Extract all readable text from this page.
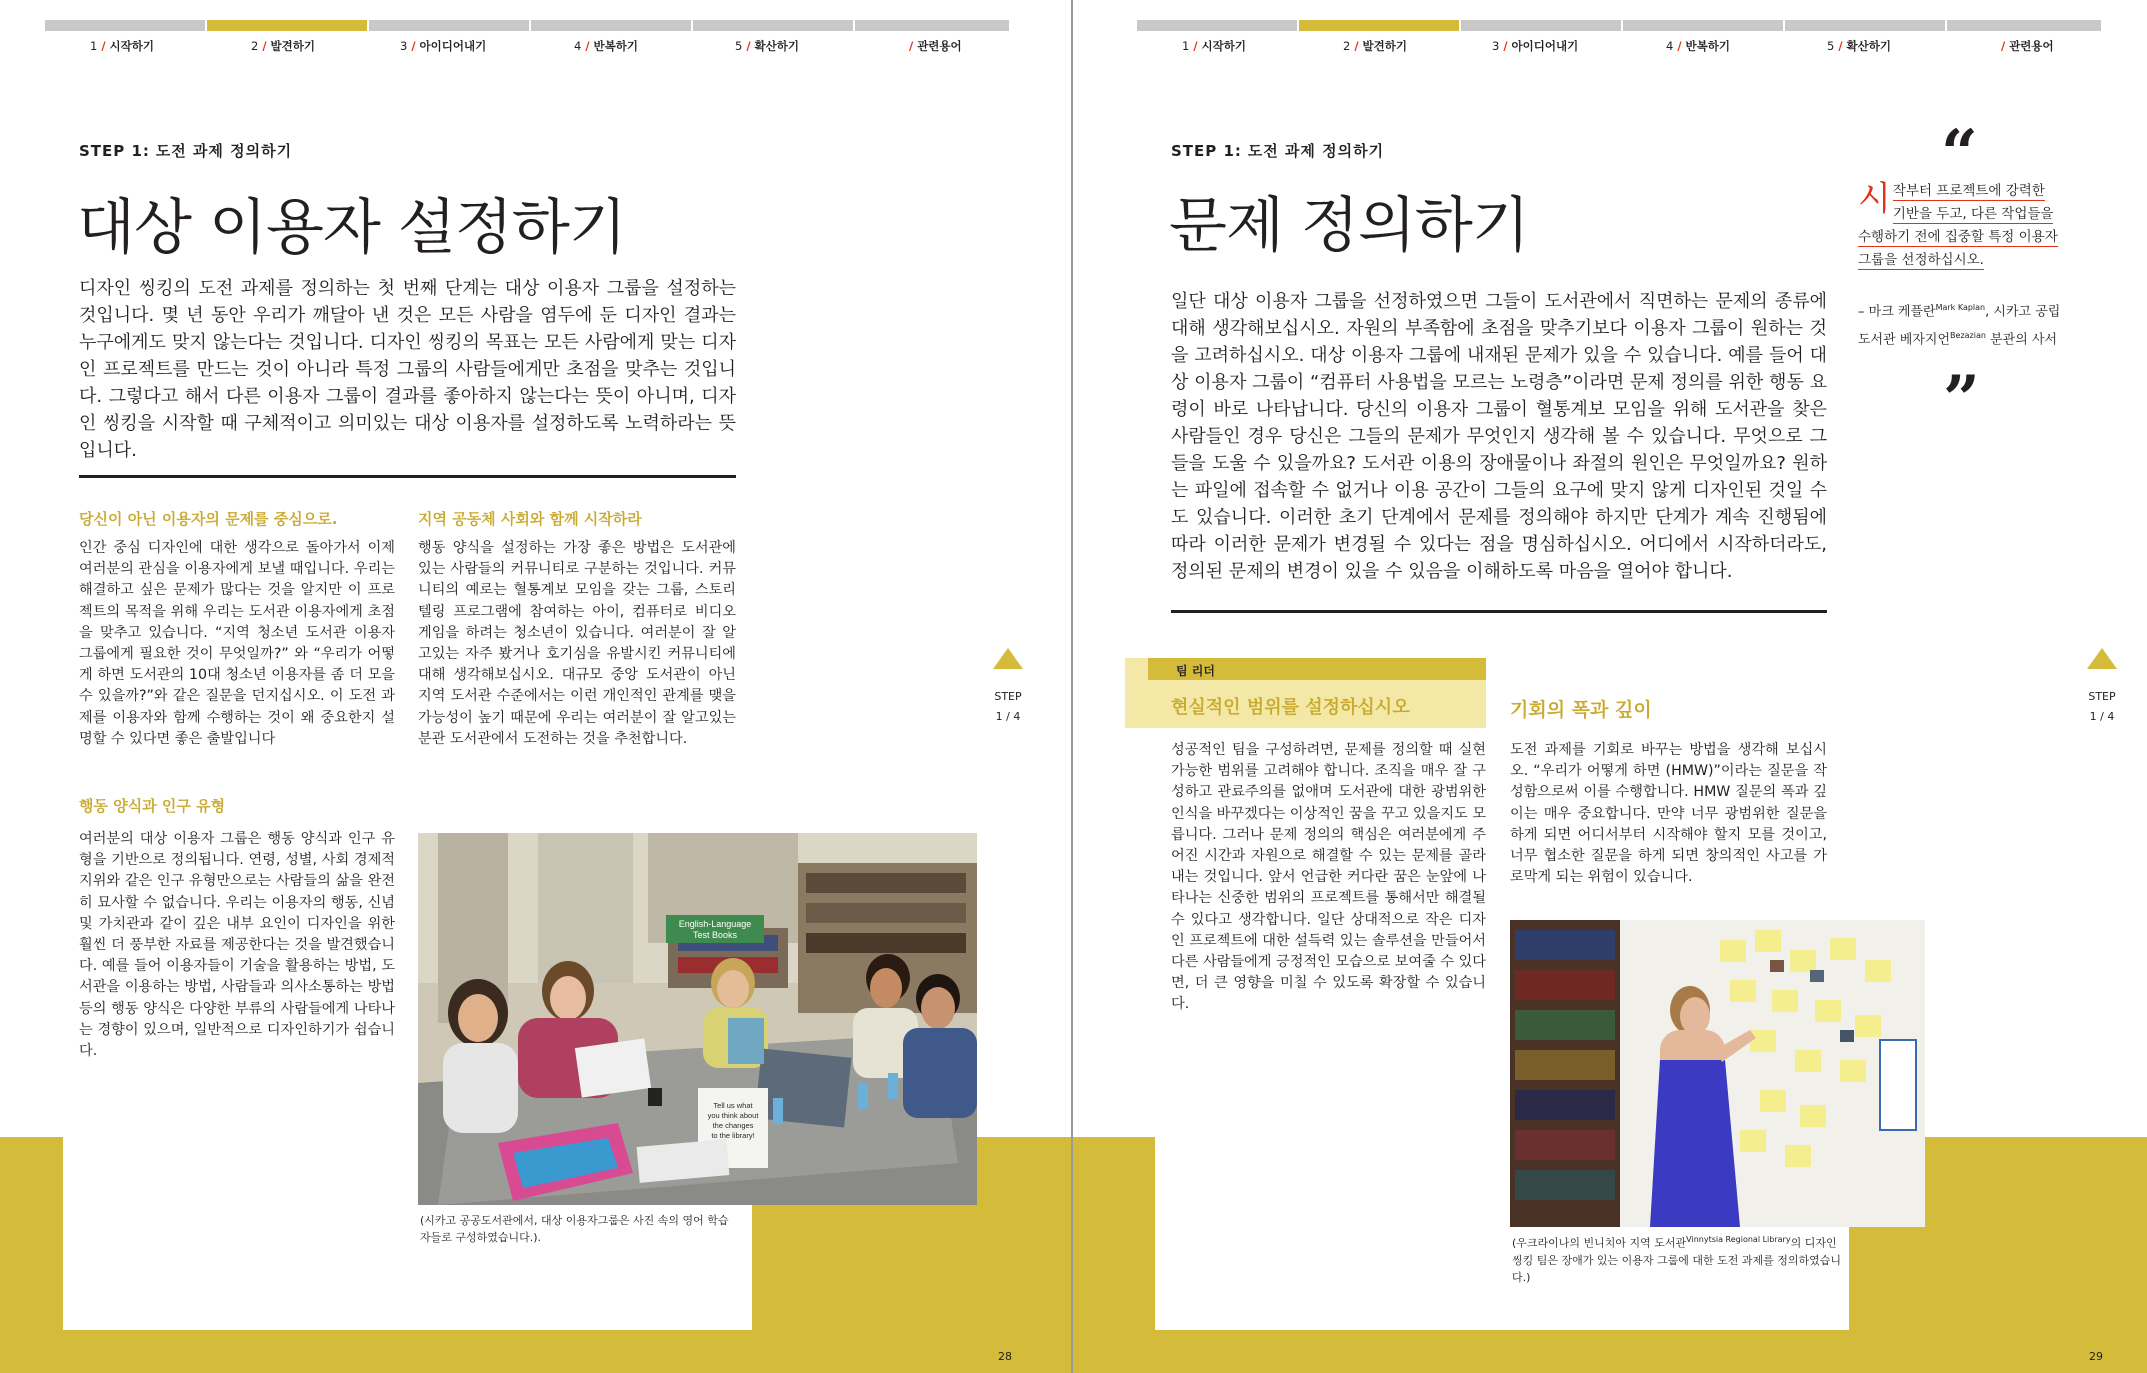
1 / 시작하기	2 / 발견하기	3 / 아이디어내기	4 / 반복하기	5 / 확산하기	/ 관련용어
STEP 1: 도전 과제 정의하기
대상 이용자 설정하기
디자인 씽킹의 도전 과제를 정의하는 첫 번째 단계는 대상 이용자 그룹을 설정하는 것입니다. 몇 년 동안 우리가 깨달아 낸 것은 모든 사람을 염두에 둔 디자인 결과는 누구에게도 맞지 않는다는 것입니다. 디자인 씽킹의 목표는 모든 사람에게 맞는 디자인 프로젝트를 만드는 것이 아니라 특정 그룹의 사람들에게만 초점을 맞추는 것입니다. 그렇다고 해서 다른 이용자 그룹이 결과를 좋아하지 않는다는 뜻이 아니며, 디자인 씽킹을 시작할 때 구체적이고 의미있는 대상 이용자를 설정하도록 노력하라는 뜻입니다.
당신이 아닌 이용자의 문제를 중심으로.
인간 중심 디자인에 대한 생각으로 돌아가서 이제 여러분의 관심을 이용자에게 보낼 때입니다. 우리는 해결하고 싶은 문제가 많다는 것을 알지만 이 프로젝트의 목적을 위해 우리는 도서관 이용자에게 초점을 맞추고 있습니다. “지역 청소년 도서관 이용자 그룹에게 필요한 것이 무엇일까?” 와 “우리가 어떻게 하면 도서관의 10대 청소년 이용자를 좀 더 모을 수 있을까?”와 같은 질문을 던지십시오. 이 도전 과제를 이용자와 함께 수행하는 것이 왜 중요한지 설명할 수 있다면 좋은 출발입니다
지역 공동체 사회와 함께 시작하라
행동 양식을 설정하는 가장 좋은 방법은 도서관에 있는 사람들의 커뮤니티로 구분하는 것입니다. 커뮤니티의 예로는 혈통계보 모임을 갖는 그룹, 스토리텔링 프로그램에 참여하는 아이, 컴퓨터로 비디오 게임을 하려는 청소년이 있습니다. 여러분이 잘 알고있는 자주 봤거나 호기심을 유발시킨 커뮤니티에 대해 생각해보십시오. 대규모 중앙 도서관이 아닌 지역 도서관 수준에서는 이런 개인적인 관계를 맺을 가능성이 높기 때문에 우리는 여러분이 잘 알고있는 분관 도서관에서 도전하는 것을 추천합니다.
행동 양식과 인구 유형
여러분의 대상 이용자 그룹은 행동 양식과 인구 유형을 기반으로 정의됩니다. 연령, 성별, 사회 경제적 지위와 같은 인구 유형만으로는 사람들의 삶을 완전히 묘사할 수 없습니다. 우리는 이용자의 행동, 신념 및 가치관과 같이 깊은 내부 요인이 디자인을 위한 훨씬 더 풍부한 자료를 제공한다는 것을 발견했습니다. 예를 들어 이용자들이 기술을 활용하는 방법, 도서관을 이용하는 방법, 사람들과 의사소통하는 방법 등의 행동 양식은 다양한 부류의 사람들에게 나타나는 경향이 있으며, 일반적으로 디자인하기가 쉽습니다.
English-Language Test Books
Tell us what you think about the changes to the library!
(시카고 공공도서관에서, 대상 이용자그룹은 사진 속의 영어 학습자들로 구성하였습니다.).
STEP
1 / 4
28
1 / 시작하기	2 / 발견하기	3 / 아이디어내기	4 / 반복하기	5 / 확산하기	/ 관련용어
STEP 1: 도전 과제 정의하기
문제 정의하기
일단 대상 이용자 그룹을 선정하였으면 그들이 도서관에서 직면하는 문제의 종류에 대해 생각해보십시오. 자원의 부족함에 초점을 맞추기보다 이용자 그룹이 원하는 것을 고려하십시오. 대상 이용자 그룹에 내재된 문제가 있을 수 있습니다. 예를 들어 대상 이용자 그룹이 “컴퓨터 사용법을 모르는 노령층”이라면 문제 정의를 위한 행동 요령이 바로 나타납니다. 당신의 이용자 그룹이 혈통계보 모임을 위해 도서관을 찾은 사람들인 경우 당신은 그들의 문제가 무엇인지 생각해 볼 수 있습니다. 무엇으로 그들을 도울 수 있을까요? 도서관 이용의 장애물이나 좌절의 원인은 무엇일까요? 원하는 파일에 접속할 수 없거나 이용 공간이 그들의 요구에 맞지 않게 디자인된 것일 수도 있습니다. 이러한 초기 단계에서 문제를 정의해야 하지만 단계가 계속 진행됨에 따라 이러한 문제가 변경될 수 있다는 점을 명심하십시오. 어디에서 시작하더라도, 정의된 문제의 변경이 있을 수 있음을 이해하도록 마음을 열어야 합니다.
“
시 작부터 프로젝트에 강력한
기반을 두고, 다른 작업들을
수행하기 전에 집중할 특정 이용자
그룹을 선정하십시오.
– 마크 케플란$^{Mark Kaplan}$, 시카고 공립
도서관 베자지언$^{Bezazian}$ 분관의 사서
”
팀 리더
현실적인 범위를 설정하십시오
성공적인 팀을 구성하려면, 문제를 정의할 때 실현 가능한 범위를 고려해야 합니다. 조직을 매우 잘 구성하고 관료주의를 없애며 도서관에 대한 광범위한 인식을 바꾸겠다는 이상적인 꿈을 꾸고 있을지도 모릅니다. 그러나 문제 정의의 핵심은 여러분에게 주어진 시간과 자원으로 해결할 수 있는 문제를 골라내는 것입니다. 앞서 언급한 커다란 꿈은 눈앞에 나타나는 신중한 범위의 프로젝트를 통해서만 해결될 수 있다고 생각합니다. 일단 상대적으로 작은 디자인 프로젝트에 대한 설득력 있는 솔루션을 만들어서 다른 사람들에게 긍정적인 모습으로 보여줄 수 있다면, 더 큰 영향을 미칠 수 있도록 확장할 수 있습니다.
기회의 폭과 깊이
도전 과제를 기회로 바꾸는 방법을 생각해 보십시오. “우리가 어떻게 하면 (HMW)”이라는 질문을 작성함으로써 이를 수행합니다. HMW 질문의 폭과 깊이는 매우 중요합니다. 만약 너무 광범위한 질문을 하게 되면 어디서부터 시작해야 할지 모를 것이고, 너무 협소한 질문을 하게 되면 창의적인 사고를 가로막게 되는 위험이 있습니다.
(우크라이나의 빈니치아 지역 도서관$^{Vinnytsia Regional Library}$의 디자인 씽킹 팀은 장애가 있는 이용자 그룹에 대한 도전 과제를 정의하였습니다.)
STEP
1 / 4
29
